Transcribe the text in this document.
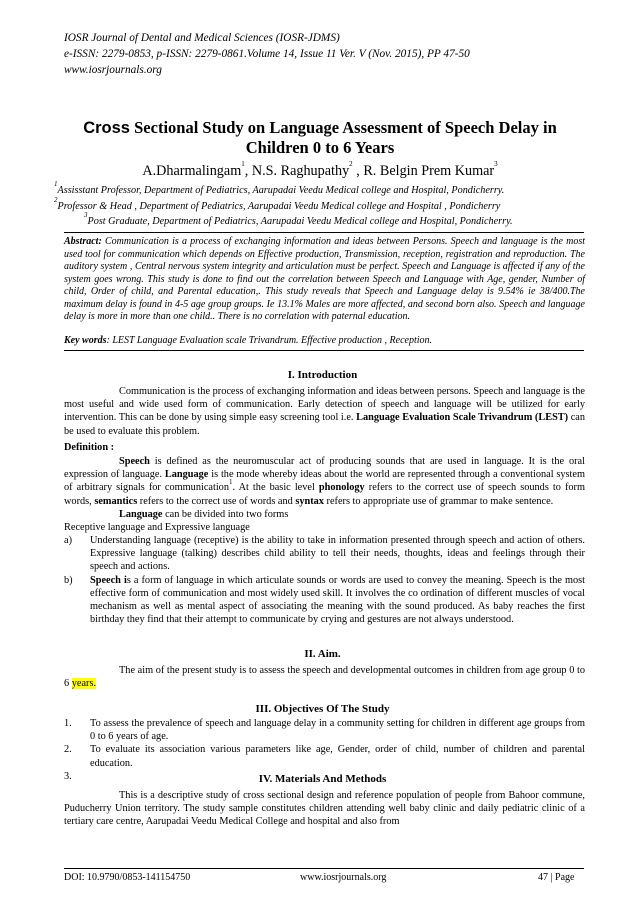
IOSR Journal of Dental and Medical Sciences (IOSR-JDMS)
e-ISSN: 2279-0853, p-ISSN: 2279-0861.Volume 14, Issue 11 Ver. V (Nov. 2015), PP 47-50
www.iosrjournals.org
Cross Sectional Study on Language Assessment of Speech Delay in
Children 0 to 6 Years
A.Dharmalingam$^1$, N.S. Raghupathy$^2$ , R. Belgin Prem Kumar$^3$
$^1$Assisstant Professor, Department of Pediatrics, Aarupadai Veedu Medical college and Hospital, Pondicherry.
$^2$Professor & Head , Department of Pediatrics, Aarupadai Veedu Medical college and Hospital , Pondicherry
$^3$Post Graduate, Department of Pediatrics, Aarupadai Veedu Medical college and Hospital, Pondicherry.
Abstract: Communication is a process of exchanging information and ideas between Persons. Speech and language is the most used tool for communication which depends on Effective production, Transmission, reception, registration and reproduction. The auditory system , Central nervous system integrity and articulation must be perfect. Speech and Language is affected if any of the system goes wrong. This study is done to find out the correlation between Speech and Language with Age, gender, Number of child, Order of child, and Parental education,. This study reveals that Speech and Language delay is 9.54% ie 38/400.The maximum delay is found in 4-5 age group groups. Ie 13.1% Males are more affected, and second born also. Speech and language delay is more in more than one child.. There is no correlation with paternal education.
Key words: LEST Language Evaluation scale Trivandrum. Effective production , Reception.
I. Introduction
Communication is the process of exchanging information and ideas between persons. Speech and language is the most useful and wide used form of communication. Early detection of speech and language will be utilized for early intervention. This can be done by using simple easy screening tool i.e. Language Evaluation Scale Trivandrum (LEST) can be used to evaluate this problem.
Definition :
Speech is defined as the neuromuscular act of producing sounds that are used in language. It is the oral expression of language. Language is the mode whereby ideas about the world are represented through a conventional system of arbitrary signals for communication$^1$. At the basic level phonology refers to the correct use of speech sounds to form words, semantics refers to the correct use of words and syntax refers to appropriate use of grammar to make sentence.
Language can be divided into two forms
Receptive language and Expressive language
a)	Understanding language (receptive) is the ability to take in information presented through speech and action of others. Expressive language (talking) describes child ability to tell their needs, thoughts, ideas and feelings through their speech and actions.
b)	Speech is a form of language in which articulate sounds or words are used to convey the meaning. Speech is the most effective form of communication and most widely used skill. It involves the co ordination of different muscles of vocal mechanism as well as mental aspect of associating the meaning with the sound produced. As baby reaches the first birthday they find that their attempt to communicate by crying and gestures are not always understood.
II. Aim.
The aim of the present study is to assess the speech and developmental outcomes in children from age group 0 to 6 years.
III. Objectives Of The Study
1.	To assess the prevalence of speech and language delay in a community setting for children in different age groups from 0 to 6 years of age.
2.	To evaluate its association various parameters like age, Gender, order of child, number of children and parental education.
3.	IV. Materials And Methods
This is a descriptive study of cross sectional design and reference population of people from Bahoor commune, Puducherry Union territory. The study sample constitutes children attending well baby clinic and daily pediatric clinic of a tertiary care centre, Aarupadai Veedu Medical College and hospital and also from
DOI: 10.9790/0853-141154750	www.iosrjournals.org	47 | Page
